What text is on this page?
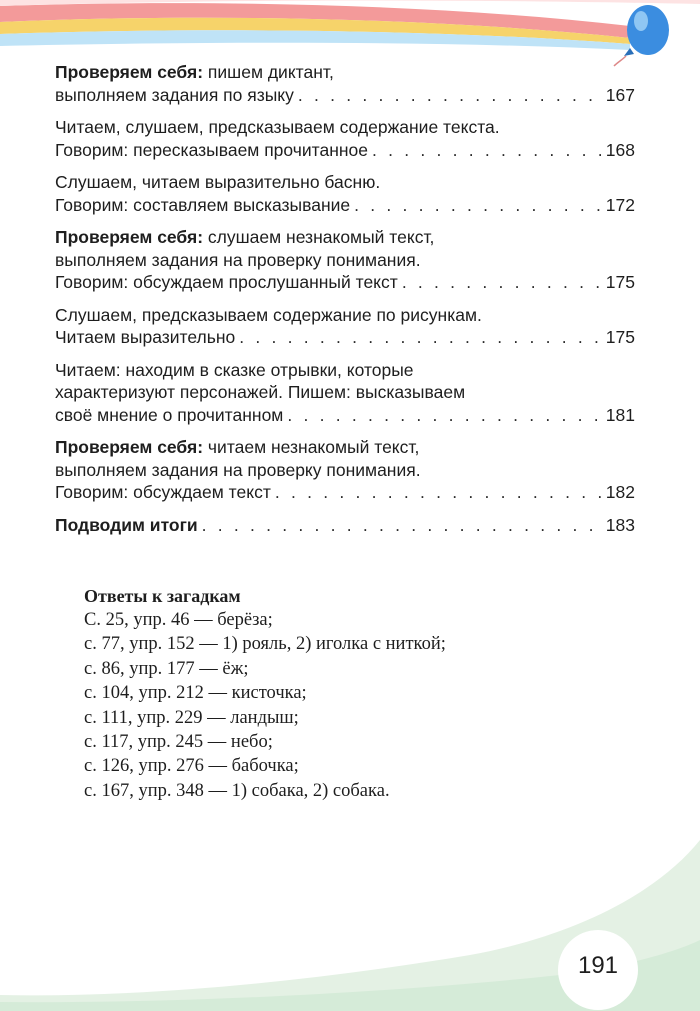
Проверяем себя: пишем диктант,
выполняем задания по языку . . .	167
Читаем, слушаем, предсказываем содержание текста.
Говорим: пересказываем прочитанное . . .	168
Слушаем, читаем выразительно басню.
Говорим: составляем высказывание . . .	172
Проверяем себя: слушаем незнакомый текст,
выполняем задания на проверку понимания.
Говорим: обсуждаем прослушанный текст . . .	175
Слушаем, предсказываем содержание по рисункам.
Читаем выразительно . . .	175
Читаем: находим в сказке отрывки, которые
характеризуют персонажей. Пишем: высказываем
своё мнение о прочитанном . . .	181
Проверяем себя: читаем незнакомый текст,
выполняем задания на проверку понимания.
Говорим: обсуждаем текст . . .	182
Подводим итоги . . .	183
Ответы к загадкам
С. 25, упр. 46 — берёза;
с. 77, упр. 152 — 1) рояль, 2) иголка с ниткой;
с. 86, упр. 177 — ёж;
с. 104, упр. 212 — кисточка;
с. 111, упр. 229 — ландыш;
с. 117, упр. 245 — небо;
с. 126, упр. 276 — бабочка;
с. 167, упр. 348 — 1) собака, 2) собака.
191
